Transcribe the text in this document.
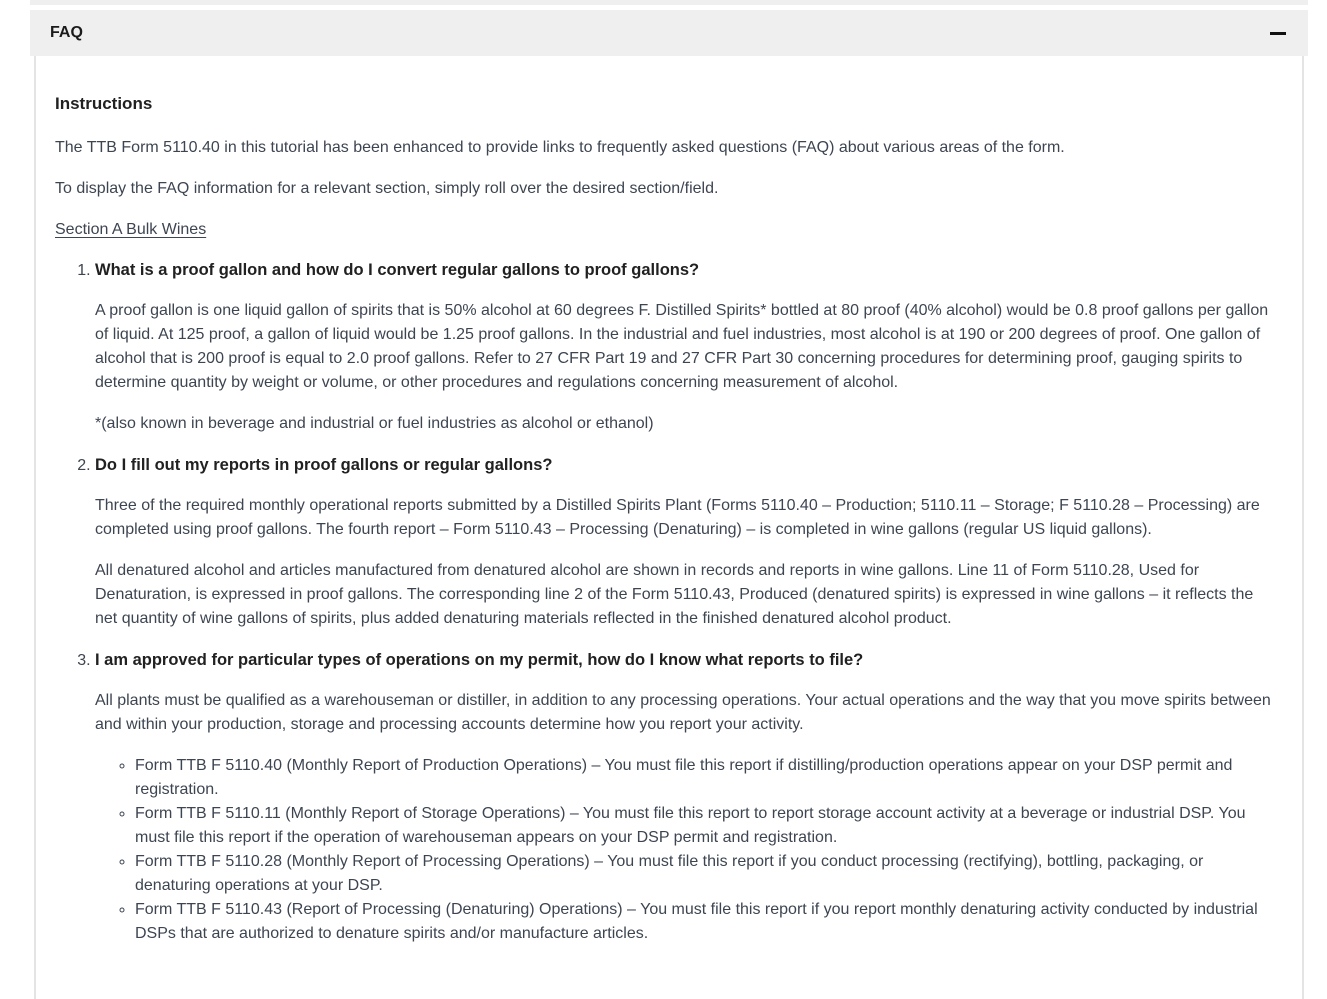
FAQ
Instructions

The TTB Form 5110.40 in this tutorial has been enhanced to provide links to frequently asked questions (FAQ) about various areas of the form.

To display the FAQ information for a relevant section, simply roll over the desired section/field.

Section A Bulk Wines

1. What is a proof gallon and how do I convert regular gallons to proof gallons?

A proof gallon is one liquid gallon of spirits that is 50% alcohol at 60 degrees F. Distilled Spirits* bottled at 80 proof (40% alcohol) would be 0.8 proof gallons per gallon of liquid. At 125 proof, a gallon of liquid would be 1.25 proof gallons. In the industrial and fuel industries, most alcohol is at 190 or 200 degrees of proof. One gallon of alcohol that is 200 proof is equal to 2.0 proof gallons. Refer to 27 CFR Part 19 and 27 CFR Part 30 concerning procedures for determining proof, gauging spirits to determine quantity by weight or volume, or other procedures and regulations concerning measurement of alcohol.

*(also known in beverage and industrial or fuel industries as alcohol or ethanol)

2. Do I fill out my reports in proof gallons or regular gallons?

Three of the required monthly operational reports submitted by a Distilled Spirits Plant (Forms 5110.40 – Production; 5110.11 – Storage; F 5110.28 – Processing) are completed using proof gallons. The fourth report – Form 5110.43 – Processing (Denaturing) – is completed in wine gallons (regular US liquid gallons).

All denatured alcohol and articles manufactured from denatured alcohol are shown in records and reports in wine gallons. Line 11 of Form 5110.28, Used for Denaturation, is expressed in proof gallons. The corresponding line 2 of the Form 5110.43, Produced (denatured spirits) is expressed in wine gallons – it reflects the net quantity of wine gallons of spirits, plus added denaturing materials reflected in the finished denatured alcohol product.

3. I am approved for particular types of operations on my permit, how do I know what reports to file?

All plants must be qualified as a warehouseman or distiller, in addition to any processing operations. Your actual operations and the way that you move spirits between and within your production, storage and processing accounts determine how you report your activity.

◦ Form TTB F 5110.40 (Monthly Report of Production Operations) – You must file this report if distilling/production operations appear on your DSP permit and registration.
◦ Form TTB F 5110.11 (Monthly Report of Storage Operations) – You must file this report to report storage account activity at a beverage or industrial DSP. You must file this report if the operation of warehouseman appears on your DSP permit and registration.
◦ Form TTB F 5110.28 (Monthly Report of Processing Operations) – You must file this report if you conduct processing (rectifying), bottling, packaging, or denaturing operations at your DSP.
◦ Form TTB F 5110.43 (Report of Processing (Denaturing) Operations) – You must file this report if you report monthly denaturing activity conducted by industrial DSPs that are authorized to denature spirits and/or manufacture articles.
